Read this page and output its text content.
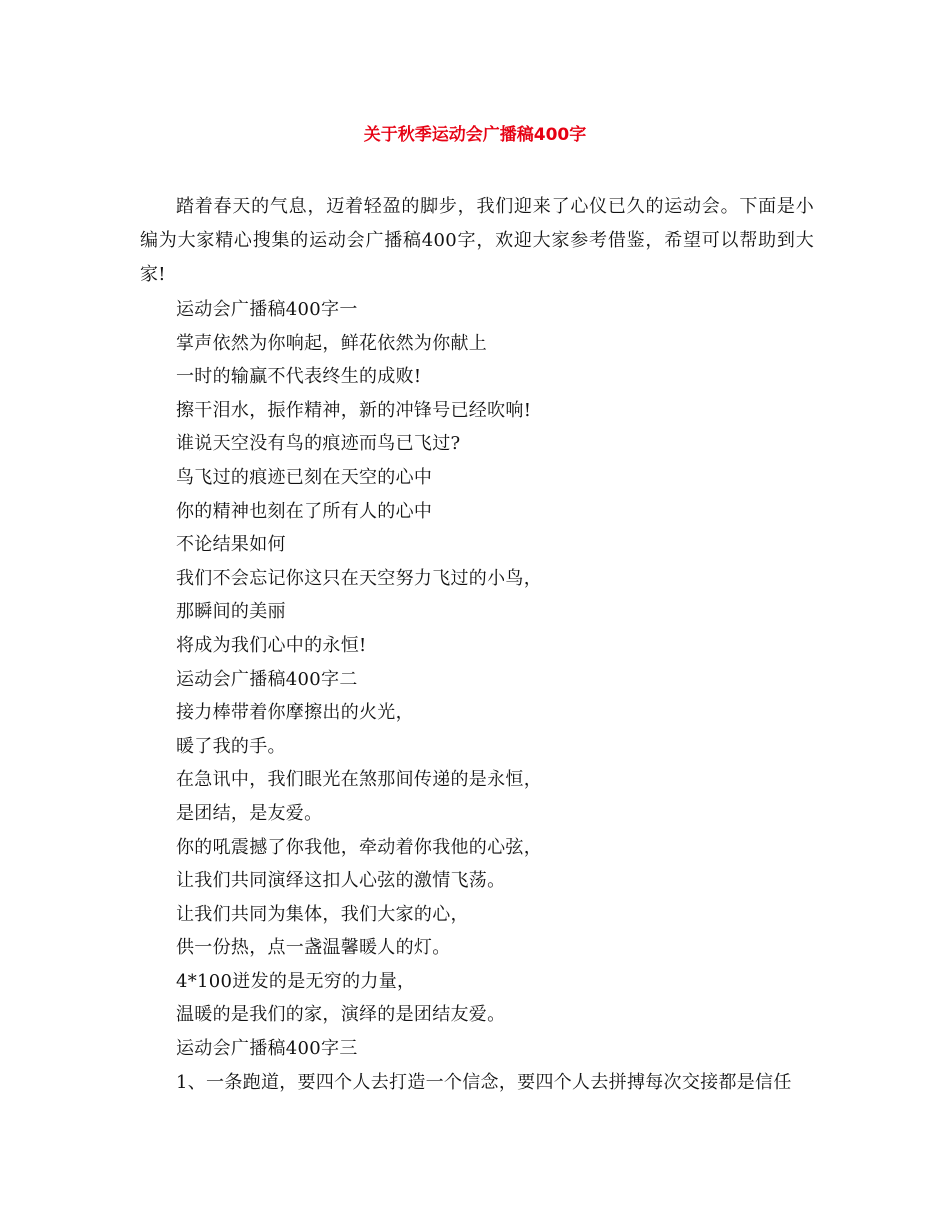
关于秋季运动会广播稿400字

踏着春天的气息，迈着轻盈的脚步，我们迎来了心仪已久的运动会。下面是小编为大家精心搜集的运动会广播稿400字，欢迎大家参考借鉴，希望可以帮助到大家!

运动会广播稿400字一
掌声依然为你响起，鲜花依然为你献上
一时的输赢不代表终生的成败!
擦干泪水，振作精神，新的冲锋号已经吹响!
谁说天空没有鸟的痕迹而鸟已飞过?
鸟飞过的痕迹已刻在天空的心中
你的精神也刻在了所有人的心中
不论结果如何
我们不会忘记你这只在天空努力飞过的小鸟，
那瞬间的美丽
将成为我们心中的永恒!
运动会广播稿400字二
接力棒带着你摩擦出的火光，
暖了我的手。
在急讯中，我们眼光在煞那间传递的是永恒，
是团结，是友爱。
你的吼震撼了你我他，牵动着你我他的心弦，
让我们共同演绎这扣人心弦的激情飞荡。
让我们共同为集体，我们大家的心，
供一份热，点一盏温馨暖人的灯。
4*100迸发的是无穷的力量，
温暖的是我们的家，演绎的是团结友爱。
运动会广播稿400字三
1、一条跑道，要四个人去打造一个信念，要四个人去拼搏每次交接都是信任
